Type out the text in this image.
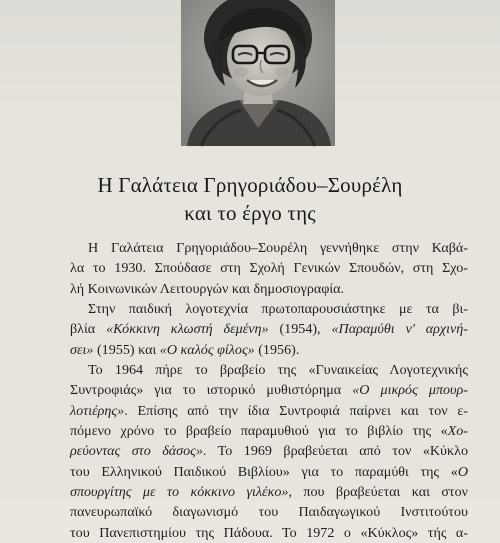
Η Γαλάτεια Γρηγοριάδου–Σουρέλη
και το έργο της
Η Γαλάτεια Γρηγοριάδου–Σουρέλη γεννήθηκε στην Καβά-
λα το 1930. Σπούδασε στη Σχολή Γενικών Σπουδών, στη Σχο-
λή Κοινωνικών Λειτουργών και δημοσιογραφία.
Στην παιδική λογοτεχνία πρωτοπαρουσιάστηκε με τα βι-
βλία «Κόκκινη κλωστή δεμένη» (1954), «Παραμύθι ν' αρχινή-
σει» (1955) και «Ο καλός φίλος» (1956).
Το 1964 πήρε το βραβείο της «Γυναικείας Λογοτεχνικής
Συντροφιάς» για το ιστορικό μυθιστόρημα «Ο μικρός μπουρ-
λοτιέρης». Επίσης από την ίδια Συντροφιά παίρνει και τον ε-
πόμενο χρόνο το βραβείο παραμυθιού για το βιβλίο της «Χο-
ρεύοντας στο δάσος». Το 1969 βραβεύεται από τον «Κύκλο
του Ελληνικού Παιδικού Βιβλίου» για το παραμύθι της «Ο
σπουργίτης με το κόκκινο γιλέκο», που βραβεύεται και στον
πανευρωπαϊκό διαγωνισμό του Παιδαγωγικού Ινστιτούτου
του Πανεπιστημίου της Πάδουα. Το 1972 ο «Κύκλος» τής α-
